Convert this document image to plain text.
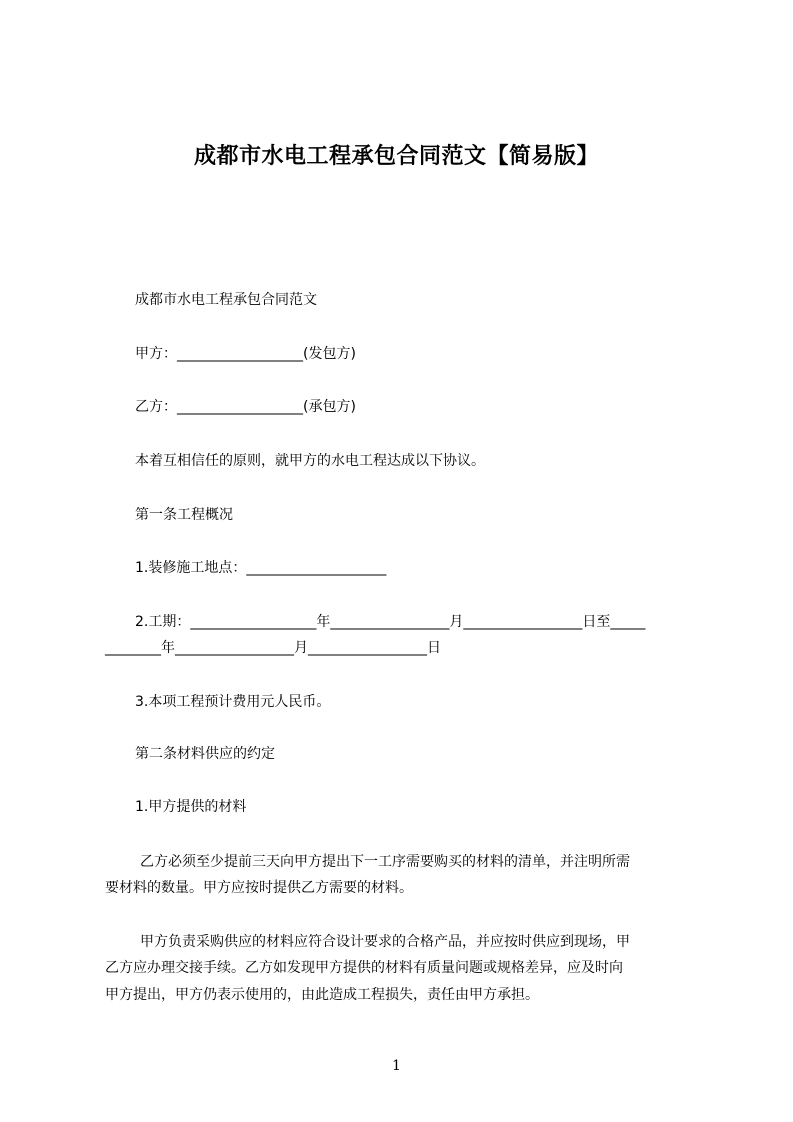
成都市水电工程承包合同范文【简易版】
成都市水电工程承包合同范文
甲方：__________________(发包方)
乙方：__________________(承包方)
本着互相信任的原则，就甲方的水电工程达成以下协议。
第一条工程概况
1.装修施工地点：____________________
2.工期：__________________年_________________月_________________日至_____
________年_________________月_________________日
3.本项工程预计费用元人民币。
第二条材料供应的约定
1.甲方提供的材料
乙方必须至少提前三天向甲方提出下一工序需要购买的材料的清单，并注明所需
要材料的数量。甲方应按时提供乙方需要的材料。
甲方负责采购供应的材料应符合设计要求的合格产品，并应按时供应到现场，甲
乙方应办理交接手续。乙方如发现甲方提供的材料有质量问题或规格差异，应及时向
甲方提出，甲方仍表示使用的，由此造成工程损失，责任由甲方承担。
1
